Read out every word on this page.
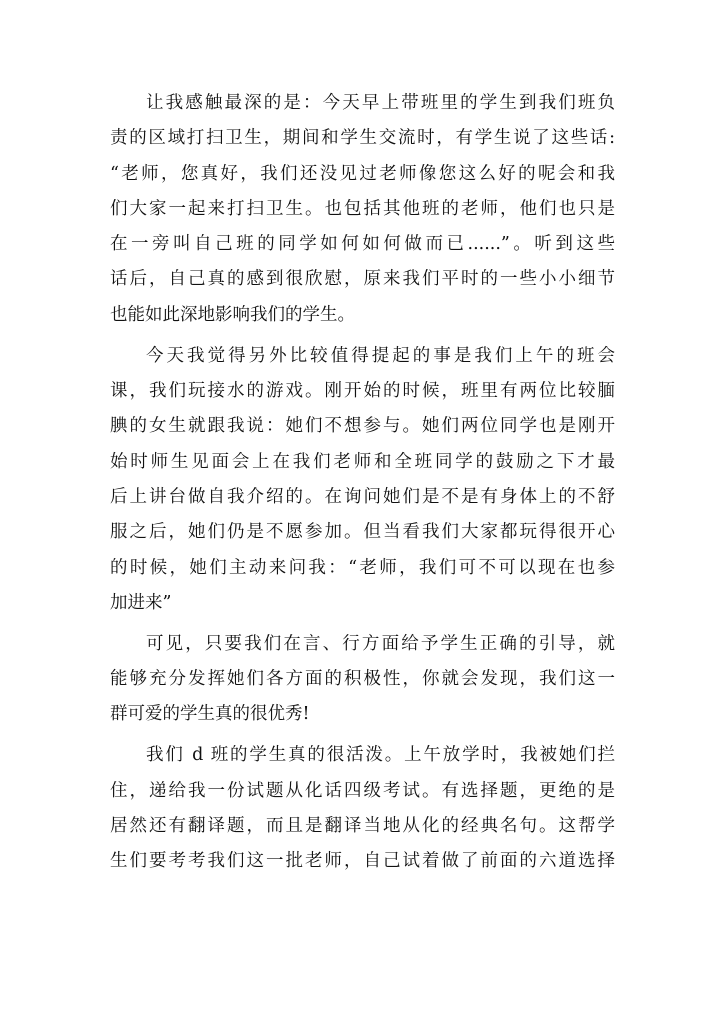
让我感触最深的是：今天早上带班里的学生到我们班负
责的区域打扫卫生，期间和学生交流时，有学生说了这些话:
“老师，您真好，我们还没见过老师像您这么好的呢会和我
们大家一起来打扫卫生。也包括其他班的老师，他们也只是
在一旁叫自己班的同学如何如何做而已......”。听到这些
话后，自己真的感到很欣慰，原来我们平时的一些小小细节
也能如此深地影响我们的学生。
今天我觉得另外比较值得提起的事是我们上午的班会
课，我们玩接水的游戏。刚开始的时候，班里有两位比较腼
腆的女生就跟我说：她们不想参与。她们两位同学也是刚开
始时师生见面会上在我们老师和全班同学的鼓励之下才最
后上讲台做自我介绍的。在询问她们是不是有身体上的不舒
服之后，她们仍是不愿参加。但当看我们大家都玩得很开心
的时候，她们主动来问我：“老师，我们可不可以现在也参
加进来”
可见，只要我们在言、行方面给予学生正确的引导，就
能够充分发挥她们各方面的积极性，你就会发现，我们这一
群可爱的学生真的很优秀!
我们 d 班的学生真的很活泼。上午放学时，我被她们拦
住，递给我一份试题从化话四级考试。有选择题，更绝的是
居然还有翻译题，而且是翻译当地从化的经典名句。这帮学
生们要考考我们这一批老师，自己试着做了前面的六道选择
